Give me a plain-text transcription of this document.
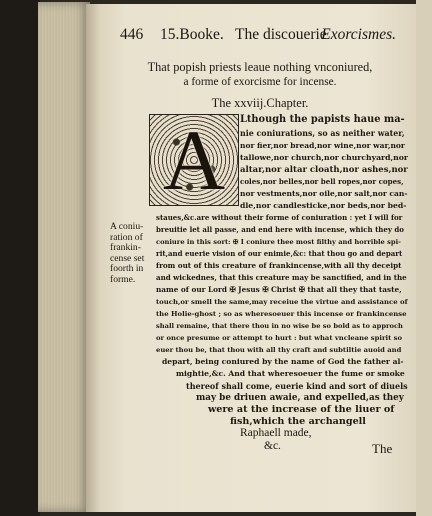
446 15.Booke. The discouerie
Exorcismes.
That popish priests leaue nothing vnconiured,
a forme of exorcisme for incense.
The xxviij.Chapter.
A	Lthough the papists haue ma-
nie coniurations, so as neither water,
nor fier,nor bread,nor wine,nor war,nor
tallowe,nor church,nor churchyard,nor
altar,nor altar cloath,nor ashes,nor
coles,nor belles,nor bell ropes,nor copes,
nor vestments,nor oile,nor salt,nor can-
dle,nor candlesticke,nor beds,nor bed-
staues,&c.are without their forme of coniuration : yet I will for
breuitie let all passe, and end here with incense, which they do
coniure in this sort: ✠ I coniure thee most filthy and horrible spi-
rit,and euerie vision of our enimie,&c: that thou go and depart
from out of this creature of frankincense,with all thy deceipt
and wickednes, that this creature may be sanctified, and in the
name of our Lord ✠ Jesus ✠ Christ ✠ that all they that taste,
touch,or smell the same,may receiue the virtue and assistance of
the Holie-ghost ; so as wheresoeuer this incense or frankincense
shall remaine, that there thou in no wise be so bold as to approch
or once presume or attempt to hurt : but what vncleane spirit so
euer thou be, that thou with all thy craft and subtiltie auoid and
depart, being coniured by the name of God the father al-
mightie,&c. And that wheresoeuer the fume or smoke
thereof shall come, euerie kind and sort of diuels
may be driuen awaie, and expelled,as they
were at the increase of the liuer of
fish,which the archangell
Raphaell made,
&c.
A coniu-
ration of
frankin-
cense set
foorth in
forme.
The
